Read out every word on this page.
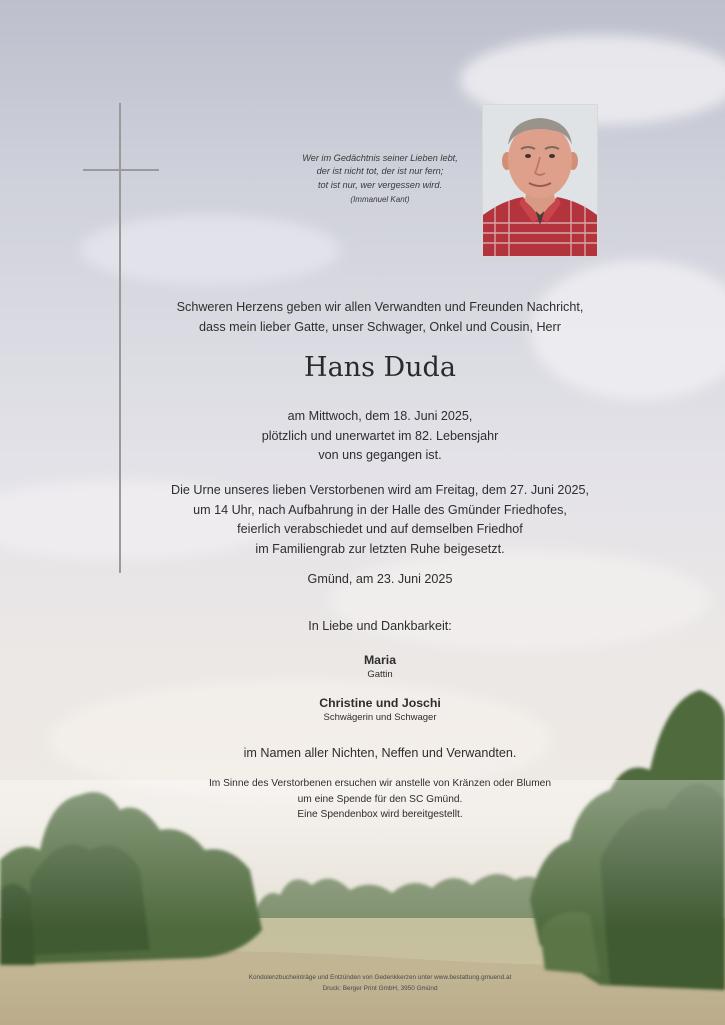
Wer im Gedächtnis seiner Lieben lebt,
der ist nicht tot, der ist nur fern;
tot ist nur, wer vergessen wird.
(Immanuel Kant)
Schweren Herzens geben wir allen Verwandten und Freunden Nachricht,
dass mein lieber Gatte, unser Schwager, Onkel und Cousin, Herr
Hans Duda
am Mittwoch, dem 18. Juni 2025,
plötzlich und unerwartet im 82. Lebensjahr
von uns gegangen ist.
Die Urne unseres lieben Verstorbenen wird am Freitag, dem 27. Juni 2025,
um 14 Uhr, nach Aufbahrung in der Halle des Gmünder Friedhofes,
feierlich verabschiedet und auf demselben Friedhof
im Familiengrab zur letzten Ruhe beigesetzt.
Gmünd, am 23. Juni 2025
In Liebe und Dankbarkeit:
Maria
Gattin
Christine und Joschi
Schwägerin und Schwager
im Namen aller Nichten, Neffen und Verwandten.
Im Sinne des Verstorbenen ersuchen wir anstelle von Kränzen oder Blumen
um eine Spende für den SC Gmünd.
Eine Spendenbox wird bereitgestellt.
Kondolenzbucheinträge und Entzünden von Gedenkkerzen unter www.bestattung.gmuend.at
Druck: Berger Print GmbH, 3950 Gmünd
